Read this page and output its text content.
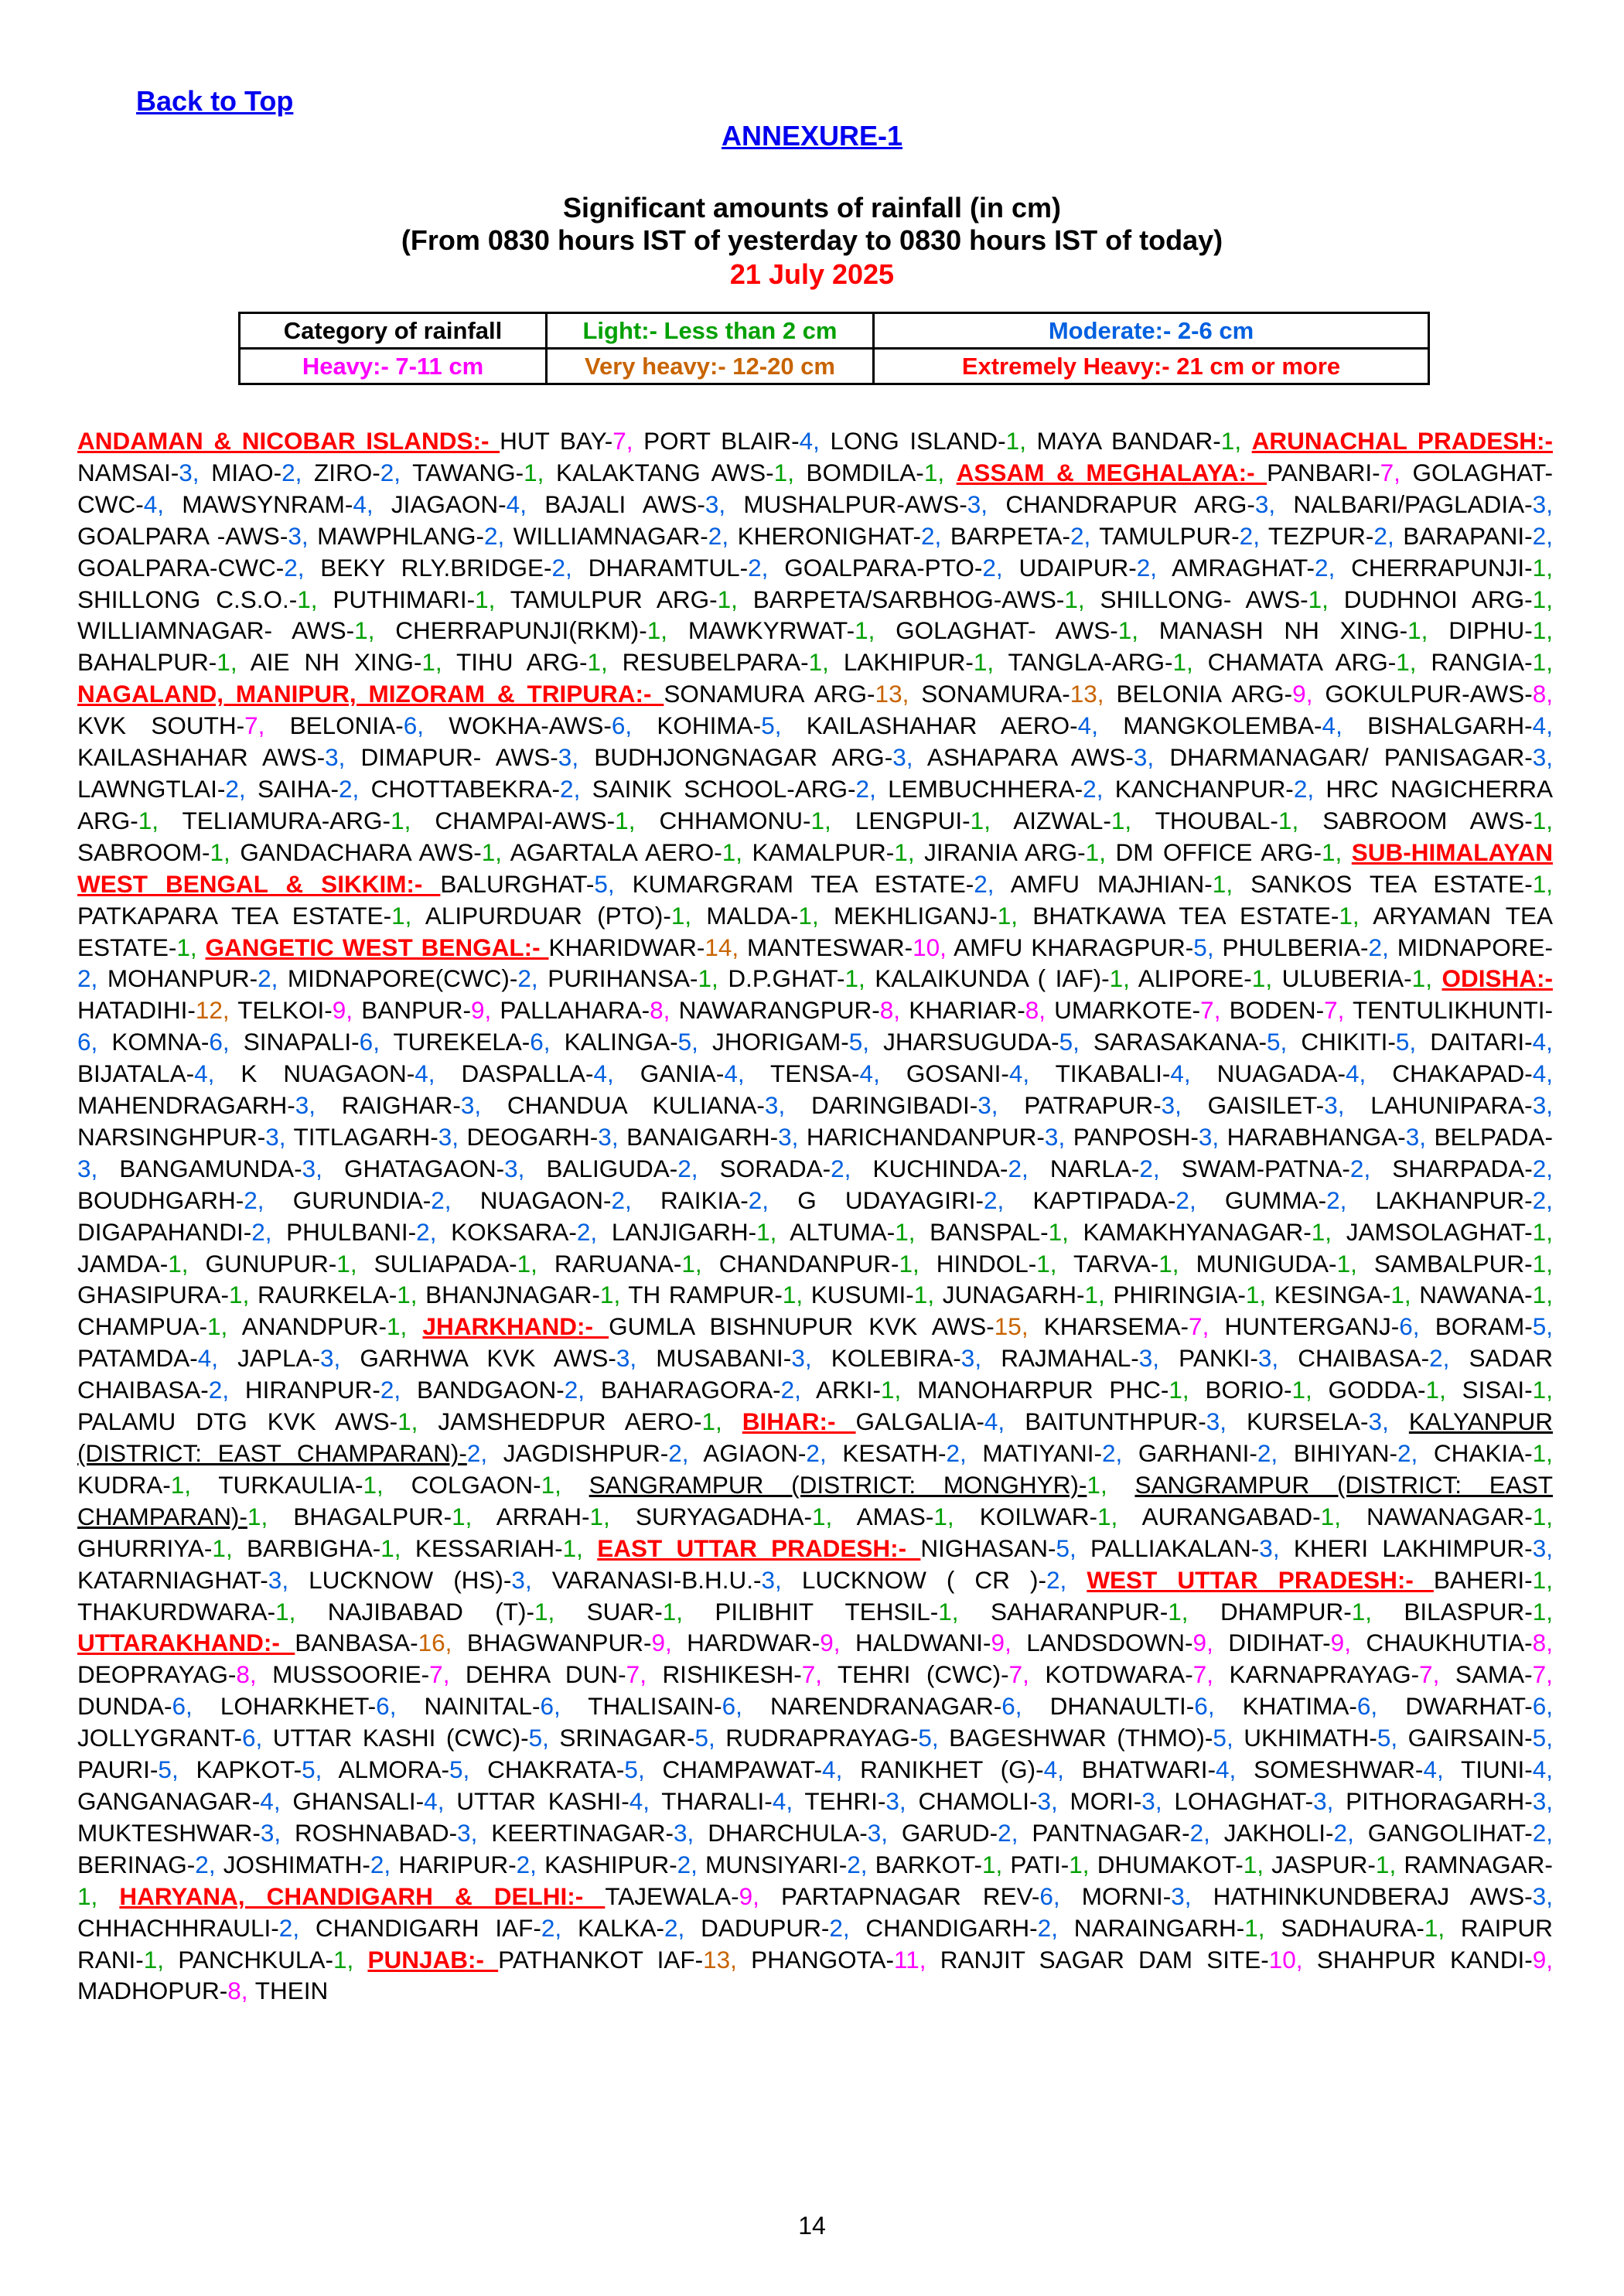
Back to Top
ANNEXURE-1
Significant amounts of rainfall (in cm)
(From 0830 hours IST of yesterday to 0830 hours IST of today)
21 July 2025
Category of rainfall	Light:- Less than 2 cm	Moderate:- 2-6 cm
Heavy:- 7-11 cm	Very heavy:- 12-20 cm	Extremely Heavy:- 21 cm or more
ANDAMAN & NICOBAR ISLANDS:- HUT BAY-7, PORT BLAIR-4, LONG ISLAND-1, MAYA BANDAR-1, ARUNACHAL PRADESH:- NAMSAI-3, MIAO-2, ZIRO-2, TAWANG-1, KALAKTANG AWS-1, BOMDILA-1, ASSAM & MEGHALAYA:- PANBARI-7, GOLAGHAT- CWC-4, MAWSYNRAM-4, JIAGAON-4, BAJALI AWS-3, MUSHALPUR-AWS-3, CHANDRAPUR ARG-3, NALBARI/PAGLADIA-3, GOALPARA -AWS-3, MAWPHLANG-2, WILLIAMNAGAR-2, KHERONIGHAT-2, BARPETA-2, TAMULPUR-2, TEZPUR-2, BARAPANI-2, GOALPARA-CWC-2, BEKY RLY.BRIDGE-2, DHARAMTUL-2, GOALPARA-PTO-2, UDAIPUR-2, AMRAGHAT-2, CHERRAPUNJI-1, SHILLONG C.S.O.-1, PUTHIMARI-1, TAMULPUR ARG-1, BARPETA/SARBHOG-AWS-1, SHILLONG- AWS-1, DUDHNOI ARG-1, WILLIAMNAGAR- AWS-1, CHERRAPUNJI(RKM)-1, MAWKYRWAT-1, GOLAGHAT- AWS-1, MANASH NH XING-1, DIPHU-1, BAHALPUR-1, AIE NH XING-1, TIHU ARG-1, RESUBELPARA-1, LAKHIPUR-1, TANGLA-ARG-1, CHAMATA ARG-1, RANGIA-1, NAGALAND, MANIPUR, MIZORAM & TRIPURA:- SONAMURA ARG-13, SONAMURA-13, BELONIA ARG-9, GOKULPUR-AWS-8, KVK SOUTH-7, BELONIA-6, WOKHA-AWS-6, KOHIMA-5, KAILASHAHAR AERO-4, MANGKOLEMBA-4, BISHALGARH-4, KAILASHAHAR AWS-3, DIMAPUR- AWS-3, BUDHJONGNAGAR ARG-3, ASHAPARA AWS-3, DHARMANAGAR/ PANISAGAR-3, LAWNGTLAI-2, SAIHA-2, CHOTTABEKRA-2, SAINIK SCHOOL-ARG-2, LEMBUCHHERA-2, KANCHANPUR-2, HRC NAGICHERRA ARG-1, TELIAMURA-ARG-1, CHAMPAI-AWS-1, CHHAMONU-1, LENGPUI-1, AIZWAL-1, THOUBAL-1, SABROOM AWS-1, SABROOM-1, GANDACHARA AWS-1, AGARTALA AERO-1, KAMALPUR-1, JIRANIA ARG-1, DM OFFICE ARG-1, SUB-HIMALAYAN WEST BENGAL & SIKKIM:- BALURGHAT-5, KUMARGRAM TEA ESTATE-2, AMFU MAJHIAN-1, SANKOS TEA ESTATE-1, PATKAPARA TEA ESTATE-1, ALIPURDUAR (PTO)-1, MALDA-1, MEKHLIGANJ-1, BHATKAWA TEA ESTATE-1, ARYAMAN TEA ESTATE-1, GANGETIC WEST BENGAL:- KHARIDWAR-14, MANTESWAR-10, AMFU KHARAGPUR-5, PHULBERIA-2, MIDNAPORE-2, MOHANPUR-2, MIDNAPORE(CWC)-2, PURIHANSA-1, D.P.GHAT-1, KALAIKUNDA ( IAF)-1, ALIPORE-1, ULUBERIA-1, ODISHA:- HATADIHI-12, TELKOI-9, BANPUR-9, PALLAHARA-8, NAWARANGPUR-8, KHARIAR-8, UMARKOTE-7, BODEN-7, TENTULIKHUNTI-6, KOMNA-6, SINAPALI-6, TUREKELA-6, KALINGA-5, JHORIGAM-5, JHARSUGUDA-5, SARASAKANA-5, CHIKITI-5, DAITARI-4, BIJATALA-4, K NUAGAON-4, DASPALLA-4, GANIA-4, TENSA-4, GOSANI-4, TIKABALI-4, NUAGADA-4, CHAKAPAD-4, MAHENDRAGARH-3, RAIGHAR-3, CHANDUA KULIANA-3, DARINGIBADI-3, PATRAPUR-3, GAISILET-3, LAHUNIPARA-3, NARSINGHPUR-3, TITLAGARH-3, DEOGARH-3, BANAIGARH-3, HARICHANDANPUR-3, PANPOSH-3, HARABHANGA-3, BELPADA-3, BANGAMUNDA-3, GHATAGAON-3, BALIGUDA-2, SORADA-2, KUCHINDA-2, NARLA-2, SWAM-PATNA-2, SHARPADA-2, BOUDHGARH-2, GURUNDIA-2, NUAGAON-2, RAIKIA-2, G UDAYAGIRI-2, KAPTIPADA-2, GUMMA-2, LAKHANPUR-2, DIGAPAHANDI-2, PHULBANI-2, KOKSARA-2, LANJIGARH-1, ALTUMA-1, BANSPAL-1, KAMAKHYANAGAR-1, JAMSOLAGHAT-1, JAMDA-1, GUNUPUR-1, SULIAPADA-1, RARUANA-1, CHANDANPUR-1, HINDOL-1, TARVA-1, MUNIGUDA-1, SAMBALPUR-1, GHASIPURA-1, RAURKELA-1, BHANJNAGAR-1, TH RAMPUR-1, KUSUMI-1, JUNAGARH-1, PHIRINGIA-1, KESINGA-1, NAWANA-1, CHAMPUA-1, ANANDPUR-1, JHARKHAND:- GUMLA BISHNUPUR KVK AWS-15, KHARSEMA-7, HUNTERGANJ-6, BORAM-5, PATAMDA-4, JAPLA-3, GARHWA KVK AWS-3, MUSABANI-3, KOLEBIRA-3, RAJMAHAL-3, PANKI-3, CHAIBASA-2, SADAR CHAIBASA-2, HIRANPUR-2, BANDGAON-2, BAHARAGORA-2, ARKI-1, MANOHARPUR PHC-1, BORIO-1, GODDA-1, SISAI-1, PALAMU DTG KVK AWS-1, JAMSHEDPUR AERO-1, BIHAR:- GALGALIA-4, BAITUNTHPUR-3, KURSELA-3, KALYANPUR (DISTRICT: EAST CHAMPARAN)-2, JAGDISHPUR-2, AGIAON-2, KESATH-2, MATIYANI-2, GARHANI-2, BIHIYAN-2, CHAKIA-1, KUDRA-1, TURKAULIA-1, COLGAON-1, SANGRAMPUR (DISTRICT: MONGHYR)-1, SANGRAMPUR (DISTRICT: EAST CHAMPARAN)-1, BHAGALPUR-1, ARRAH-1, SURYAGADHA-1, AMAS-1, KOILWAR-1, AURANGABAD-1, NAWANAGAR-1, GHURRIYA-1, BARBIGHA-1, KESSARIAH-1, EAST UTTAR PRADESH:- NIGHASAN-5, PALLIAKALAN-3, KHERI LAKHIMPUR-3, KATARNIAGHAT-3, LUCKNOW (HS)-3, VARANASI-B.H.U.-3, LUCKNOW ( CR )-2, WEST UTTAR PRADESH:- BAHERI-1, THAKURDWARA-1, NAJIBABAD (T)-1, SUAR-1, PILIBHIT TEHSIL-1, SAHARANPUR-1, DHAMPUR-1, BILASPUR-1, UTTARAKHAND:- BANBASA-16, BHAGWANPUR-9, HARDWAR-9, HALDWANI-9, LANDSDOWN-9, DIDIHAT-9, CHAUKHUTIA-8, DEOPRAYAG-8, MUSSOORIE-7, DEHRA DUN-7, RISHIKESH-7, TEHRI (CWC)-7, KOTDWARA-7, KARNAPRAYAG-7, SAMA-7, DUNDA-6, LOHARKHET-6, NAINITAL-6, THALISAIN-6, NARENDRANAGAR-6, DHANAULTI-6, KHATIMA-6, DWARHAT-6, JOLLYGRANT-6, UTTAR KASHI (CWC)-5, SRINAGAR-5, RUDRAPRAYAG-5, BAGESHWAR (THMO)-5, UKHIMATH-5, GAIRSAIN-5, PAURI-5, KAPKOT-5, ALMORA-5, CHAKRATA-5, CHAMPAWAT-4, RANIKHET (G)-4, BHATWARI-4, SOMESHWAR-4, TIUNI-4, GANGANAGAR-4, GHANSALI-4, UTTAR KASHI-4, THARALI-4, TEHRI-3, CHAMOLI-3, MORI-3, LOHAGHAT-3, PITHORAGARH-3, MUKTESHWAR-3, ROSHNABAD-3, KEERTINAGAR-3, DHARCHULA-3, GARUD-2, PANTNAGAR-2, JAKHOLI-2, GANGOLIHAT-2, BERINAG-2, JOSHIMATH-2, HARIPUR-2, KASHIPUR-2, MUNSIYARI-2, BARKOT-1, PATI-1, DHUMAKOT-1, JASPUR-1, RAMNAGAR-1, HARYANA, CHANDIGARH & DELHI:- TAJEWALA-9, PARTAPNAGAR REV-6, MORNI-3, HATHINKUNDBERAJ AWS-3, CHHACHHRAULI-2, CHANDIGARH IAF-2, KALKA-2, DADUPUR-2, CHANDIGARH-2, NARAINGARH-1, SADHAURA-1, RAIPUR RANI-1, PANCHKULA-1, PUNJAB:- PATHANKOT IAF-13, PHANGOTA-11, RANJIT SAGAR DAM SITE-10, SHAHPUR KANDI-9, MADHOPUR-8, THEIN
14
